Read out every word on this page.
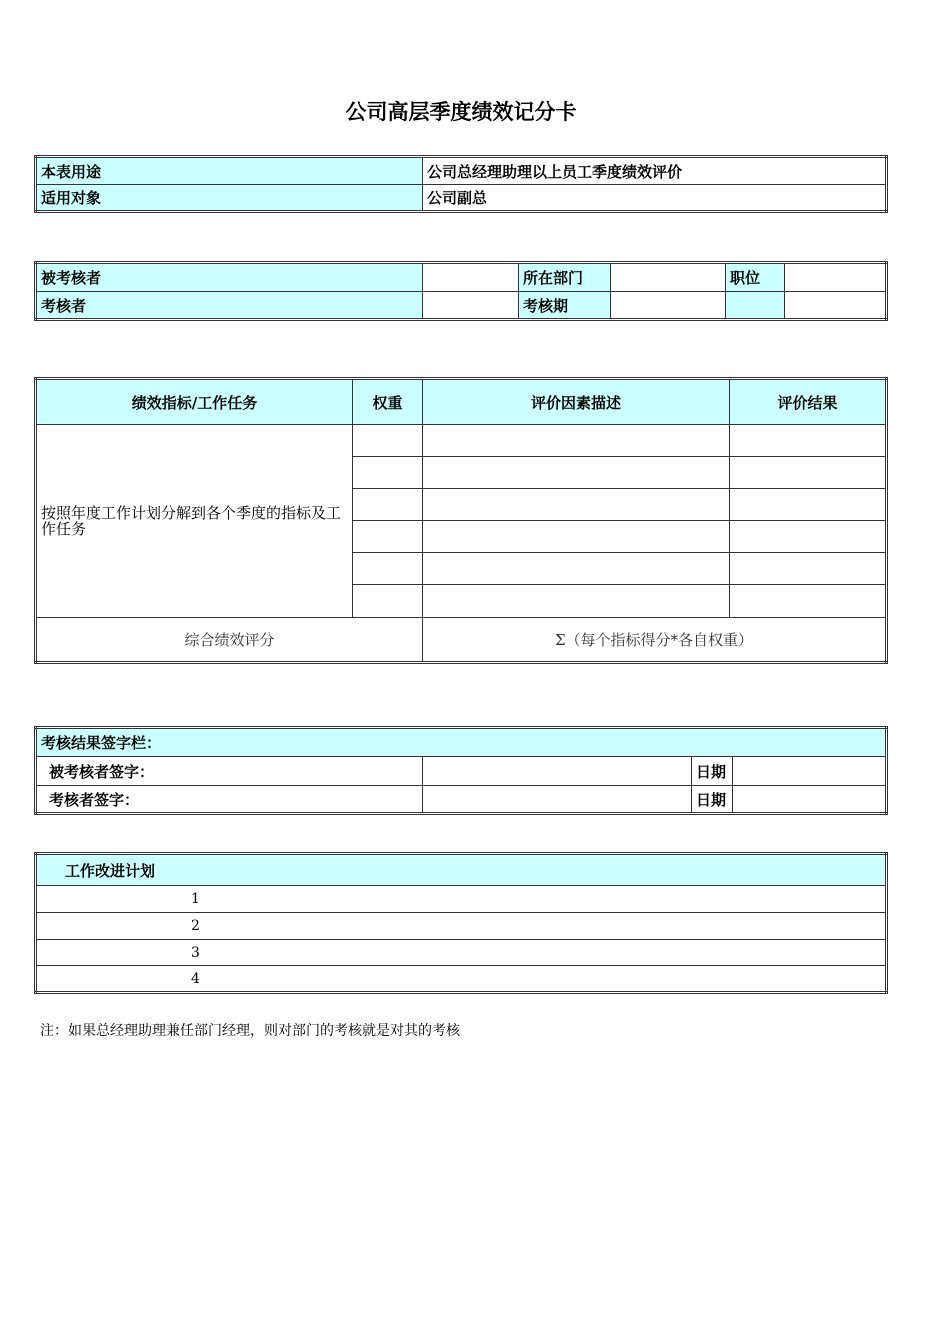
公司高层季度绩效记分卡
本表用途	公司总经理助理以上员工季度绩效评价
适用对象	公司副总
被考核者		所在部门		职位	
考核者		考核期			
绩效指标/工作任务	权重	评价因素描述	评价结果
按照年度工作计划分解到各个季度的指标及工作任务			

综合绩效评分		Σ（每个指标得分*各自权重）	
考核结果签字栏：			
被考核者签字：		日期	
考核者签字：		日期	
工作改进计划
1
2
3
4
注：如果总经理助理兼任部门经理，则对部门的考核就是对其的考核
